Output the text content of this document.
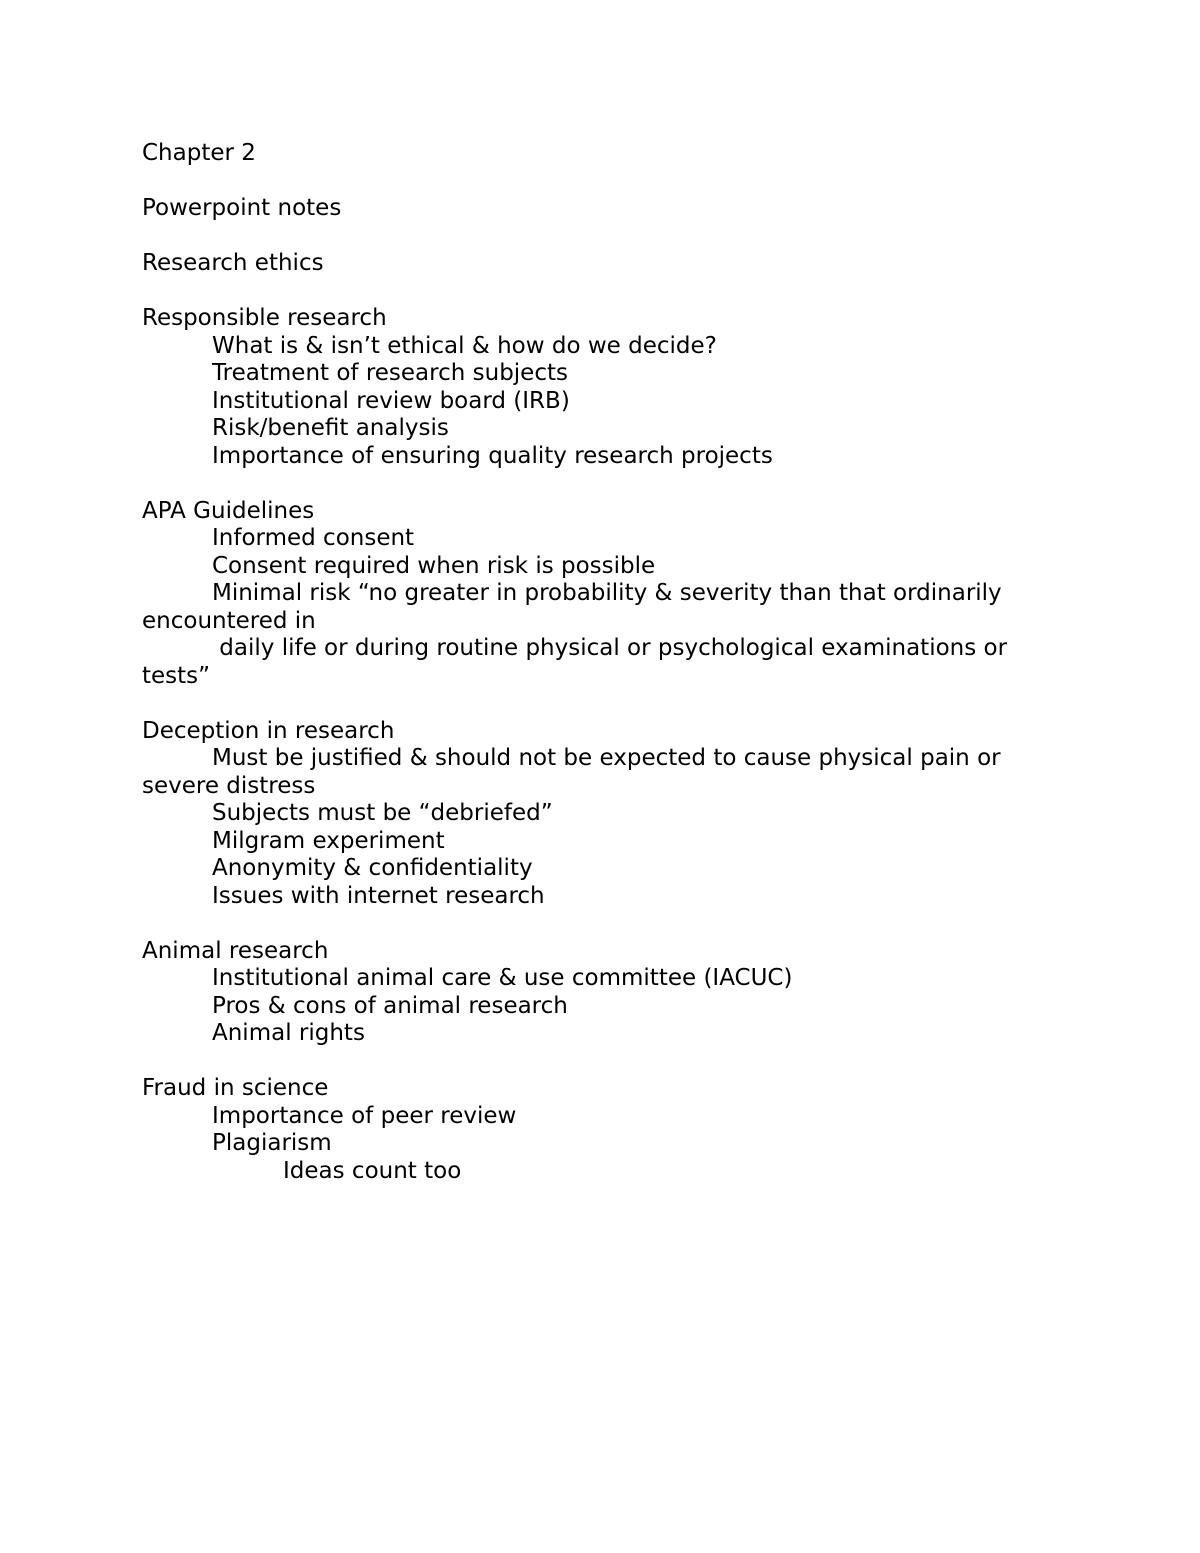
Chapter 2

Powerpoint notes

Research ethics

Responsible research

What is & isn’t ethical & how do we decide?

Treatment of research subjects

Institutional review board (IRB)

Risk/benefit analysis

Importance of ensuring quality research projects

APA Guidelines

Informed consent

Consent required when risk is possible

Minimal risk “no greater in probability & severity than that ordinarily

encountered in

daily life or during routine physical or psychological examinations or

tests”

Deception in research

Must be justified & should not be expected to cause physical pain or

severe distress

Subjects must be “debriefed”

Milgram experiment

Anonymity & confidentiality

Issues with internet research

Animal research

Institutional animal care & use committee (IACUC)

Pros & cons of animal research

Animal rights

Fraud in science

Importance of peer review

Plagiarism

Ideas count too
